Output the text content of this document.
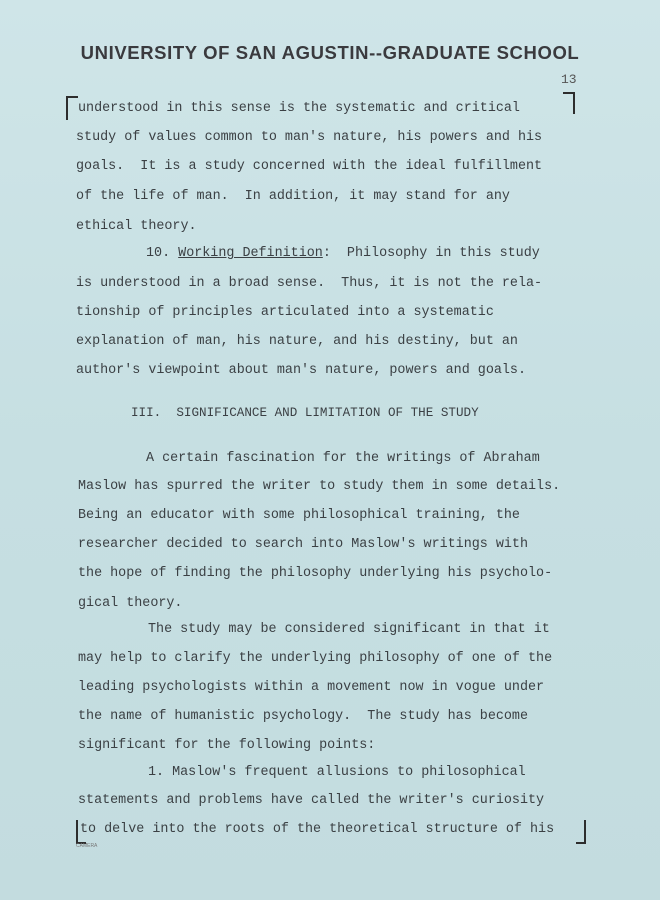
UNIVERSITY OF SAN AGUSTIN--GRADUATE SCHOOL
13
understood in this sense is the systematic and critical
study of values common to man's nature, his powers and his
goals.  It is a study concerned with the ideal fulfillment
of the life of man.  In addition, it may stand for any
ethical theory.
10. Working Definition:  Philosophy in this study
is understood in a broad sense.  Thus, it is not the rela-
tionship of principles articulated into a systematic
explanation of man, his nature, and his destiny, but an
author's viewpoint about man's nature, powers and goals.
III.  SIGNIFICANCE AND LIMITATION OF THE STUDY
A certain fascination for the writings of Abraham
Maslow has spurred the writer to study them in some details.
Being an educator with some philosophical training, the
researcher decided to search into Maslow's writings with
the hope of finding the philosophy underlying his psycholo-
gical theory.
The study may be considered significant in that it
may help to clarify the underlying philosophy of one of the
leading psychologists within a movement now in vogue under
the name of humanistic psychology.  The study has become
significant for the following points:
1. Maslow's frequent allusions to philosophical
statements and problems have called the writer's curiosity
to delve into the roots of the theoretical structure of his
CAMERA
